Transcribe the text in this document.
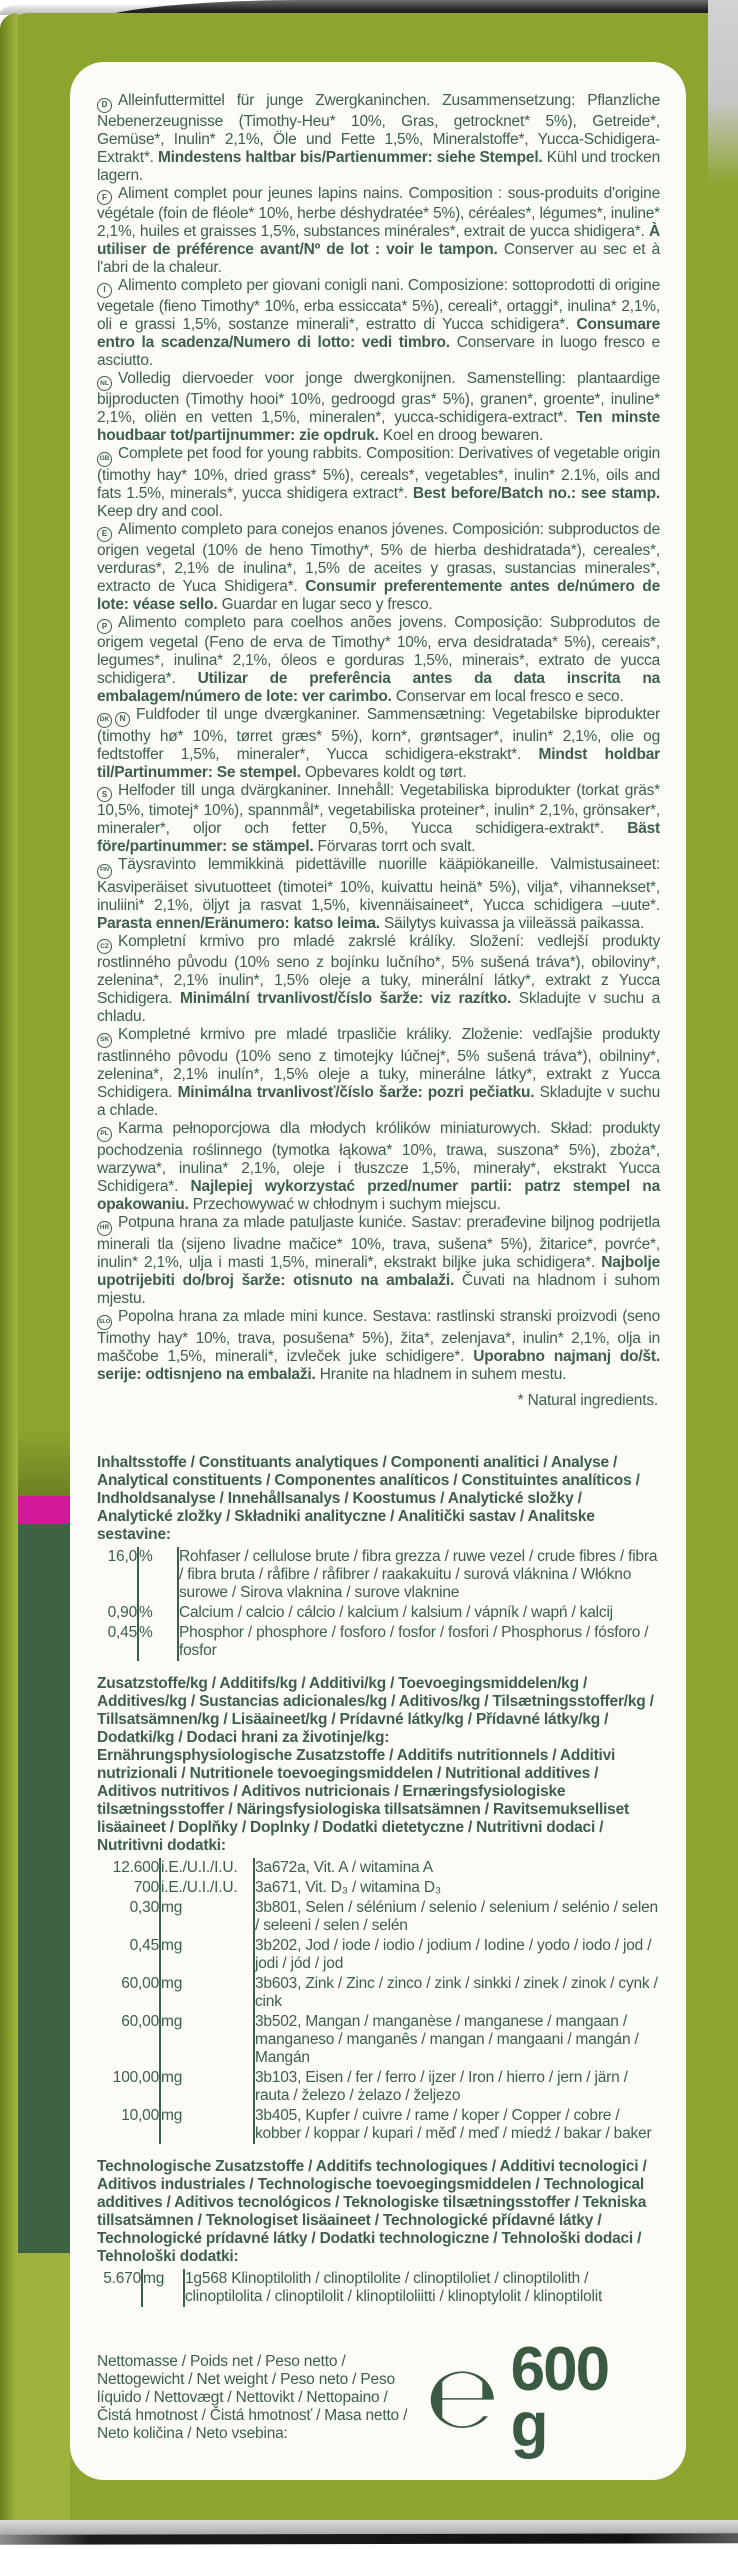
D Alleinfuttermittel für junge Zwergkaninchen. Zusammensetzung: Pflanzliche Nebenerzeugnisse (Timothy-Heu* 10%, Gras, getrocknet* 5%), Getreide*, Gemüse*, Inulin* 2,1%, Öle und Fette 1,5%, Mineralstoffe*, Yucca-Schidigera-Extrakt*. Mindestens haltbar bis/Partienummer: siehe Stempel. Kühl und trocken lagern.

F Aliment complet pour jeunes lapins nains. Composition : sous-produits d'origine végétale (foin de fléole* 10%, herbe déshydratée* 5%), céréales*, légumes*, inuline* 2,1%, huiles et graisses 1,5%, substances minérales*, extrait de yucca shidigera*. À utiliser de préférence avant/Nº de lot : voir le tampon. Conserver au sec et à l'abri de la chaleur.

I Alimento completo per giovani conigli nani. Composizione: sottoprodotti di origine vegetale (fieno Timothy* 10%, erba essiccata* 5%), cereali*, ortaggi*, inulina* 2,1%, oli e grassi 1,5%, sostanze minerali*, estratto di Yucca schidigera*. Consumare entro la scadenza/Numero di lotto: vedi timbro. Conservare in luogo fresco e asciutto.

NL Volledig diervoeder voor jonge dwergkonijnen. Samenstelling: plantaardige bijproducten (Timothy hooi* 10%, gedroogd gras* 5%), granen*, groente*, inuline* 2,1%, oliën en vetten 1,5%, mineralen*, yucca-schidigera-extract*. Ten minste houdbaar tot/partijnummer: zie opdruk. Koel en droog bewaren.

GB Complete pet food for young rabbits. Composition: Derivatives of vegetable origin (timothy hay* 10%, dried grass* 5%), cereals*, vegetables*, inulin* 2.1%, oils and fats 1.5%, minerals*, yucca shidigera extract*. Best before/Batch no.: see stamp. Keep dry and cool.

E Alimento completo para conejos enanos jóvenes. Composición: subproductos de origen vegetal (10% de heno Timothy*, 5% de hierba deshidratada*), cereales*, verduras*, 2,1% de inulina*, 1,5% de aceites y grasas, sustancias minerales*, extracto de Yuca Shidigera*. Consumir preferentemente antes de/número de lote: véase sello. Guardar en lugar seco y fresco.

P Alimento completo para coelhos anões jovens. Composição: Subprodutos de origem vegetal (Feno de erva de Timothy* 10%, erva desidratada* 5%), cereais*, legumes*, inulina* 2,1%, óleos e gorduras 1,5%, minerais*, extrato de yucca schidigera*. Utilizar de preferência antes da data inscrita na embalagem/número de lote: ver carimbo. Conservar em local fresco e seco.

DK N Fuldfoder til unge dværgkaniner. Sammensætning: Vegetabilske biprodukter (timothy hø* 10%, tørret græs* 5%), korn*, grøntsager*, inulin* 2,1%, olie og fedtstoffer 1,5%, mineraler*, Yucca schidigera-ekstrakt*. Mindst holdbar til/Partinummer: Se stempel. Opbevares koldt og tørt.

S Helfoder till unga dvärgkaniner. Innehåll: Vegetabiliska biprodukter (torkat gräs* 10,5%, timotej* 10%), spannmål*, vegetabiliska proteiner*, inulin* 2,1%, grönsaker*, mineraler*, oljor och fetter 0,5%, Yucca schidigera-extrakt*. Bäst före/partinummer: se stämpel. Förvaras torrt och svalt.

FIN Täysravinto lemmikkinä pidettäville nuorille kääpiökaneille. Valmistusaineet: Kasviperäiset sivutuotteet (timotei* 10%, kuivattu heinä* 5%), vilja*, vihannekset*, inuliini* 2,1%, öljyt ja rasvat 1,5%, kivennäisaineet*, Yucca schidigera –uute*. Parasta ennen/Eränumero: katso leima. Säilytys kuivassa ja viileässä paikassa.

CZ Kompletní krmivo pro mladé zakrslé králíky. Složení: vedlejší produkty rostlinného původu (10% seno z bojínku lučního*, 5% sušená tráva*), obiloviny*, zelenina*, 2,1% inulin*, 1,5% oleje a tuky, minerální látky*, extrakt z Yucca Schidigera. Minimální trvanlivost/číslo šarže: viz razítko. Skladujte v suchu a chladu.

SK Kompletné krmivo pre mladé trpasličie králiky. Zloženie: vedľajšie produkty rastlinného pôvodu (10% seno z timotejky lúčnej*, 5% sušená tráva*), obilniny*, zelenina*, 2,1% inulín*, 1,5% oleje a tuky, minerálne látky*, extrakt z Yucca Schidigera. Minimálna trvanlivosť/číslo šarže: pozri pečiatku. Skladujte v suchu a chlade.

PL Karma pełnoporcjowa dla młodych królików miniaturowych. Skład: produkty pochodzenia roślinnego (tymotka łąkowa* 10%, trawa, suszona* 5%), zboża*, warzywa*, inulina* 2,1%, oleje i tłuszcze 1,5%, minerały*, ekstrakt Yucca Schidigera*. Najlepiej wykorzystać przed/numer partii: patrz stempel na opakowaniu. Przechowywać w chłodnym i suchym miejscu.

HR Potpuna hrana za mlade patuljaste kuniće. Sastav: prerađevine biljnog podrijetla minerali tla (sijeno livadne mačice* 10%, trava, sušena* 5%), žitarice*, povrće*, inulin* 2,1%, ulja i masti 1,5%, minerali*, ekstrakt biljke juka schidigera*. Najbolje upotrijebiti do/broj šarže: otisnuto na ambalaži. Čuvati na hladnom i suhom mjestu.

SLO Popolna hrana za mlade mini kunce. Sestava: rastlinski stranski proizvodi (seno Timothy hay* 10%, trava, posušena* 5%), žita*, zelenjava*, inulin* 2,1%, olja in maščobe 1,5%, minerali*, izvleček juke schidigere*. Uporabno najmanj do/št. serije: odtisnjeno na embalaži. Hranite na hladnem in suhem mestu.

* Natural ingredients.

Inhaltsstoffe / Constituants analytiques / Componenti analitici / Analyse / Analytical constituents / Componentes analíticos / Constituintes analíticos / Indholdsanalyse / Innehållsanalys / Koostumus / Analytické složky / Analytické zložky / Składniki analityczne / Analitički sastav / Analitske sestavine:

16,0	%	Rohfaser / cellulose brute / fibra grezza / ruwe vezel / crude fibres / fibra / fibra bruta / råfibre / råfibrer / raakakuitu / surová vláknina / Włókno surowe / Sirova vlaknina / surove vlaknine
0,90	%	Calcium / calcio / cálcio / kalcium / kalsium / vápník / wapń / kalcij
0,45	%	Phosphor / phosphore / fosforo / fosfor / fosfori / Phosphorus / fósforo / fosfor

Zusatzstoffe/kg / Additifs/kg / Additivi/kg / Toevoegingsmiddelen/kg / Additives/kg / Sustancias adicionales/kg / Aditivos/kg / Tilsætningsstoffer/kg / Tillsatsämnen/kg / Lisäaineet/kg / Prídavné látky/kg / Přídavné látky/kg / Dodatki/kg / Dodaci hrani za životinje/kg:

Ernährungsphysiologische Zusatzstoffe / Additifs nutritionnels / Additivi nutrizionali / Nutritionele toevoegingsmiddelen / Nutritional additives / Aditivos nutritivos / Aditivos nutricionais / Ernæringsfysiologiske tilsætningsstoffer / Näringsfysiologiska tillsatsämnen / Ravitsemukselliset lisäaineet / Doplňky / Doplnky / Dodatki dietetyczne / Nutritivni dodaci / Nutritivni dodatki:

12.600	i.E./U.I./I.U.	3a672a, Vit. A / witamina A
700	i.E./U.I./I.U.	3a671, Vit. D₃ / witamina D₃
0,30	mg	3b801, Selen / sélénium / selenio / selenium / selénio / selen / seleeni / selen / selén
0,45	mg	3b202, Jod / iode / iodio / jodium / Iodine / yodo / iodo / jod / jodi / jód / jod
60,00	mg	3b603, Zink / Zinc / zinco / zink / sinkki / zinek / zinok / cynk / cink
60,00	mg	3b502, Mangan / manganèse / manganese / mangaan / manganeso / manganês / mangan / mangaani / mangán / Mangán
100,00	mg	3b103, Eisen / fer / ferro / ijzer / Iron / hierro / jern / järn / rauta / železo / żelazo / željezo
10,00	mg	3b405, Kupfer / cuivre / rame / koper / Copper / cobre / kobber / koppar / kupari / měď / meď / miedź / bakar / baker

Technologische Zusatzstoffe / Additifs technologiques / Additivi tecnologici / Aditivos industriales / Technologische toevoegingsmiddelen / Technological additives / Aditivos tecnológicos / Teknologiske tilsætningsstoffer / Tekniska tillsatsämnen / Teknologiset lisäaineet / Technologické přídavné látky / Technologické prídavné látky / Dodatki technologiczne / Tehnološki dodaci / Tehnološki dodatki:

5.670	mg	1g568 Klinoptilolith / clinoptilolite / clinoptiloliet / clinoptilolith / clinoptilolita / clinoptilolit / klinoptiloliitti / klinoptylolit / klinoptilolit
Nettomasse / Poids net / Peso netto / Nettogewicht / Net weight / Peso neto / Peso líquido / Nettovægt / Nettovikt / Nettopaino / Čistá hmotnost / Čistá hmotnosť / Masa netto / Neto količina / Neto vsebina:	℮ 600 g
